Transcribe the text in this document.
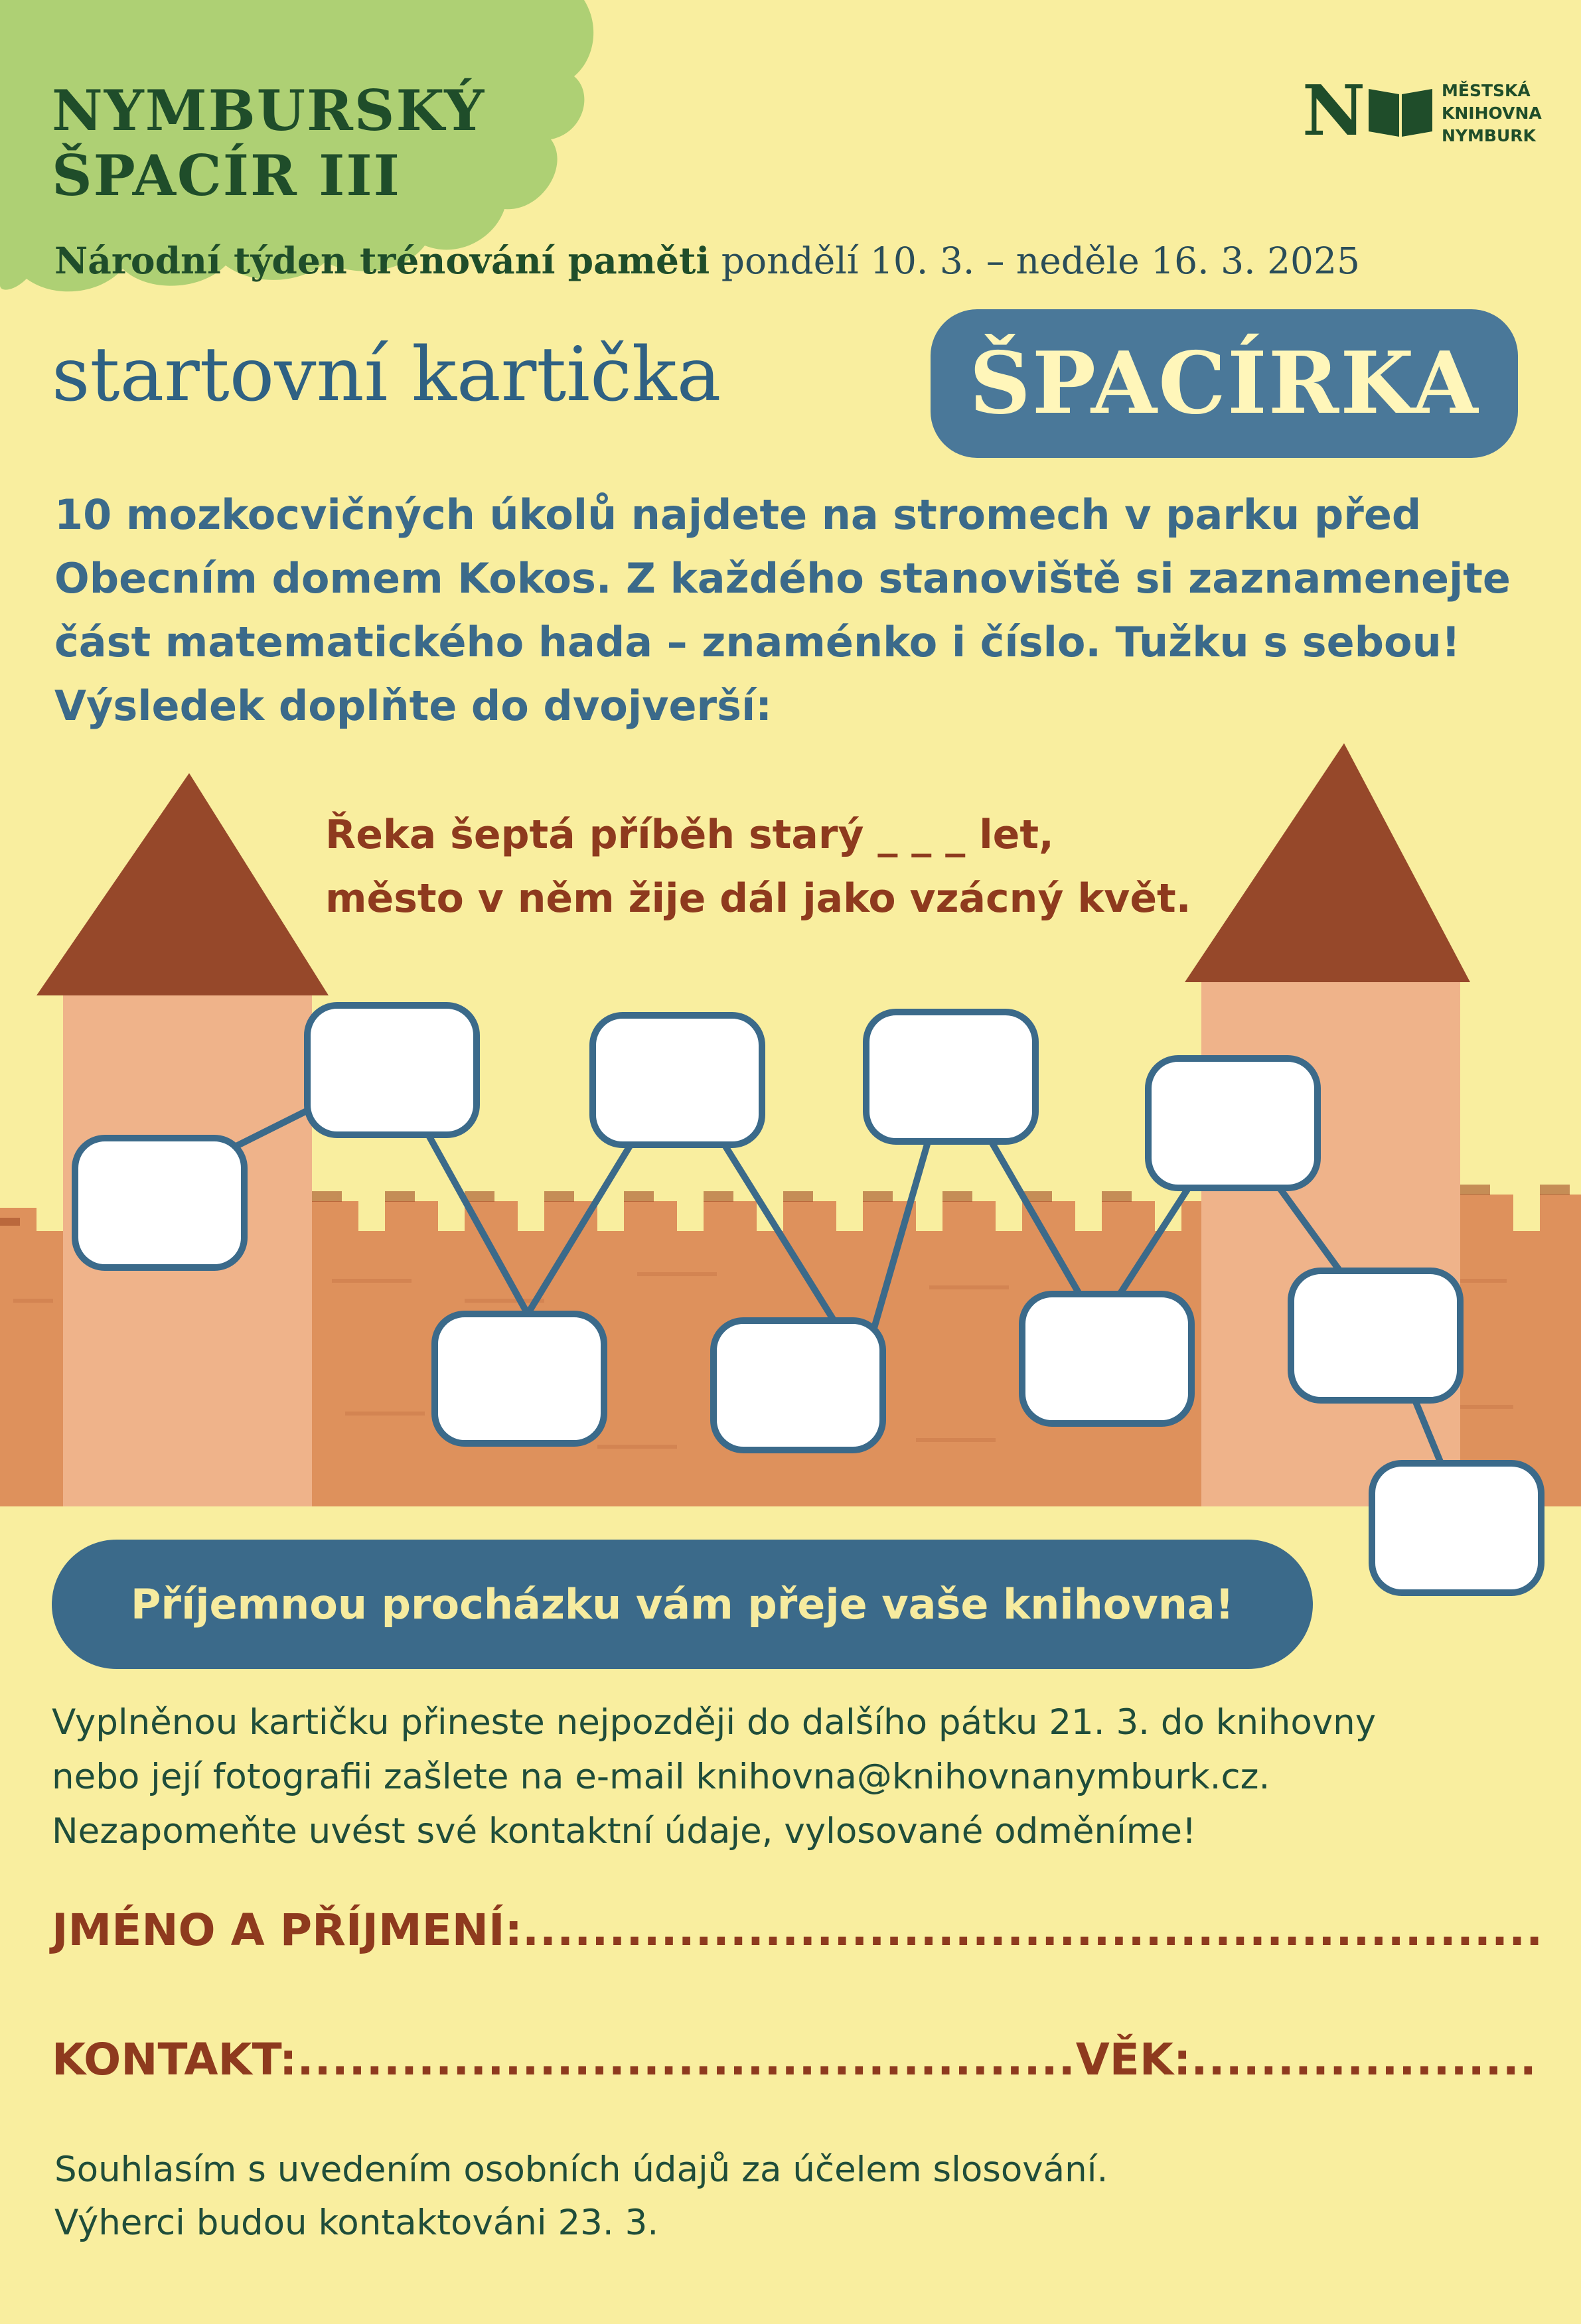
NYMBURSKÝ

ŠPACÍR III

N	MĚSTSKÁ

KNIHOVNA

NYMBURK

Národní týden trénování paměti pondělí 10. 3. – neděle 16. 3. 2025
startovní kartička	ŠPACÍRKA

10 mozkocvičných úkolů najdete na stromech v parku před

Obecním domem Kokos. Z každého stanoviště si zaznamenejte

část matematického hada – znaménko i číslo. Tužku s sebou!

Výsledek doplňte do dvojverší:

Řeka šeptá příběh starý _ _ _ let,

město v něm žije dál jako vzácný květ.

Příjemnou procházku vám přeje vaše knihovna!

Vyplněnou kartičku přineste nejpozději do dalšího pátku 21. 3. do knihovny

nebo její fotografii zašlete na e-mail knihovna@knihovnanymburk.cz.

Nezapomeňte uvést své kontaktní údaje, vylosované odměníme!

JMÉNO A PŘÍJMENÍ:...........................................................
KONTAKT:.............................................VĚK:....................

Souhlasím s uvedením osobních údajů za účelem slosování.

Výherci budou kontaktováni 23. 3.
